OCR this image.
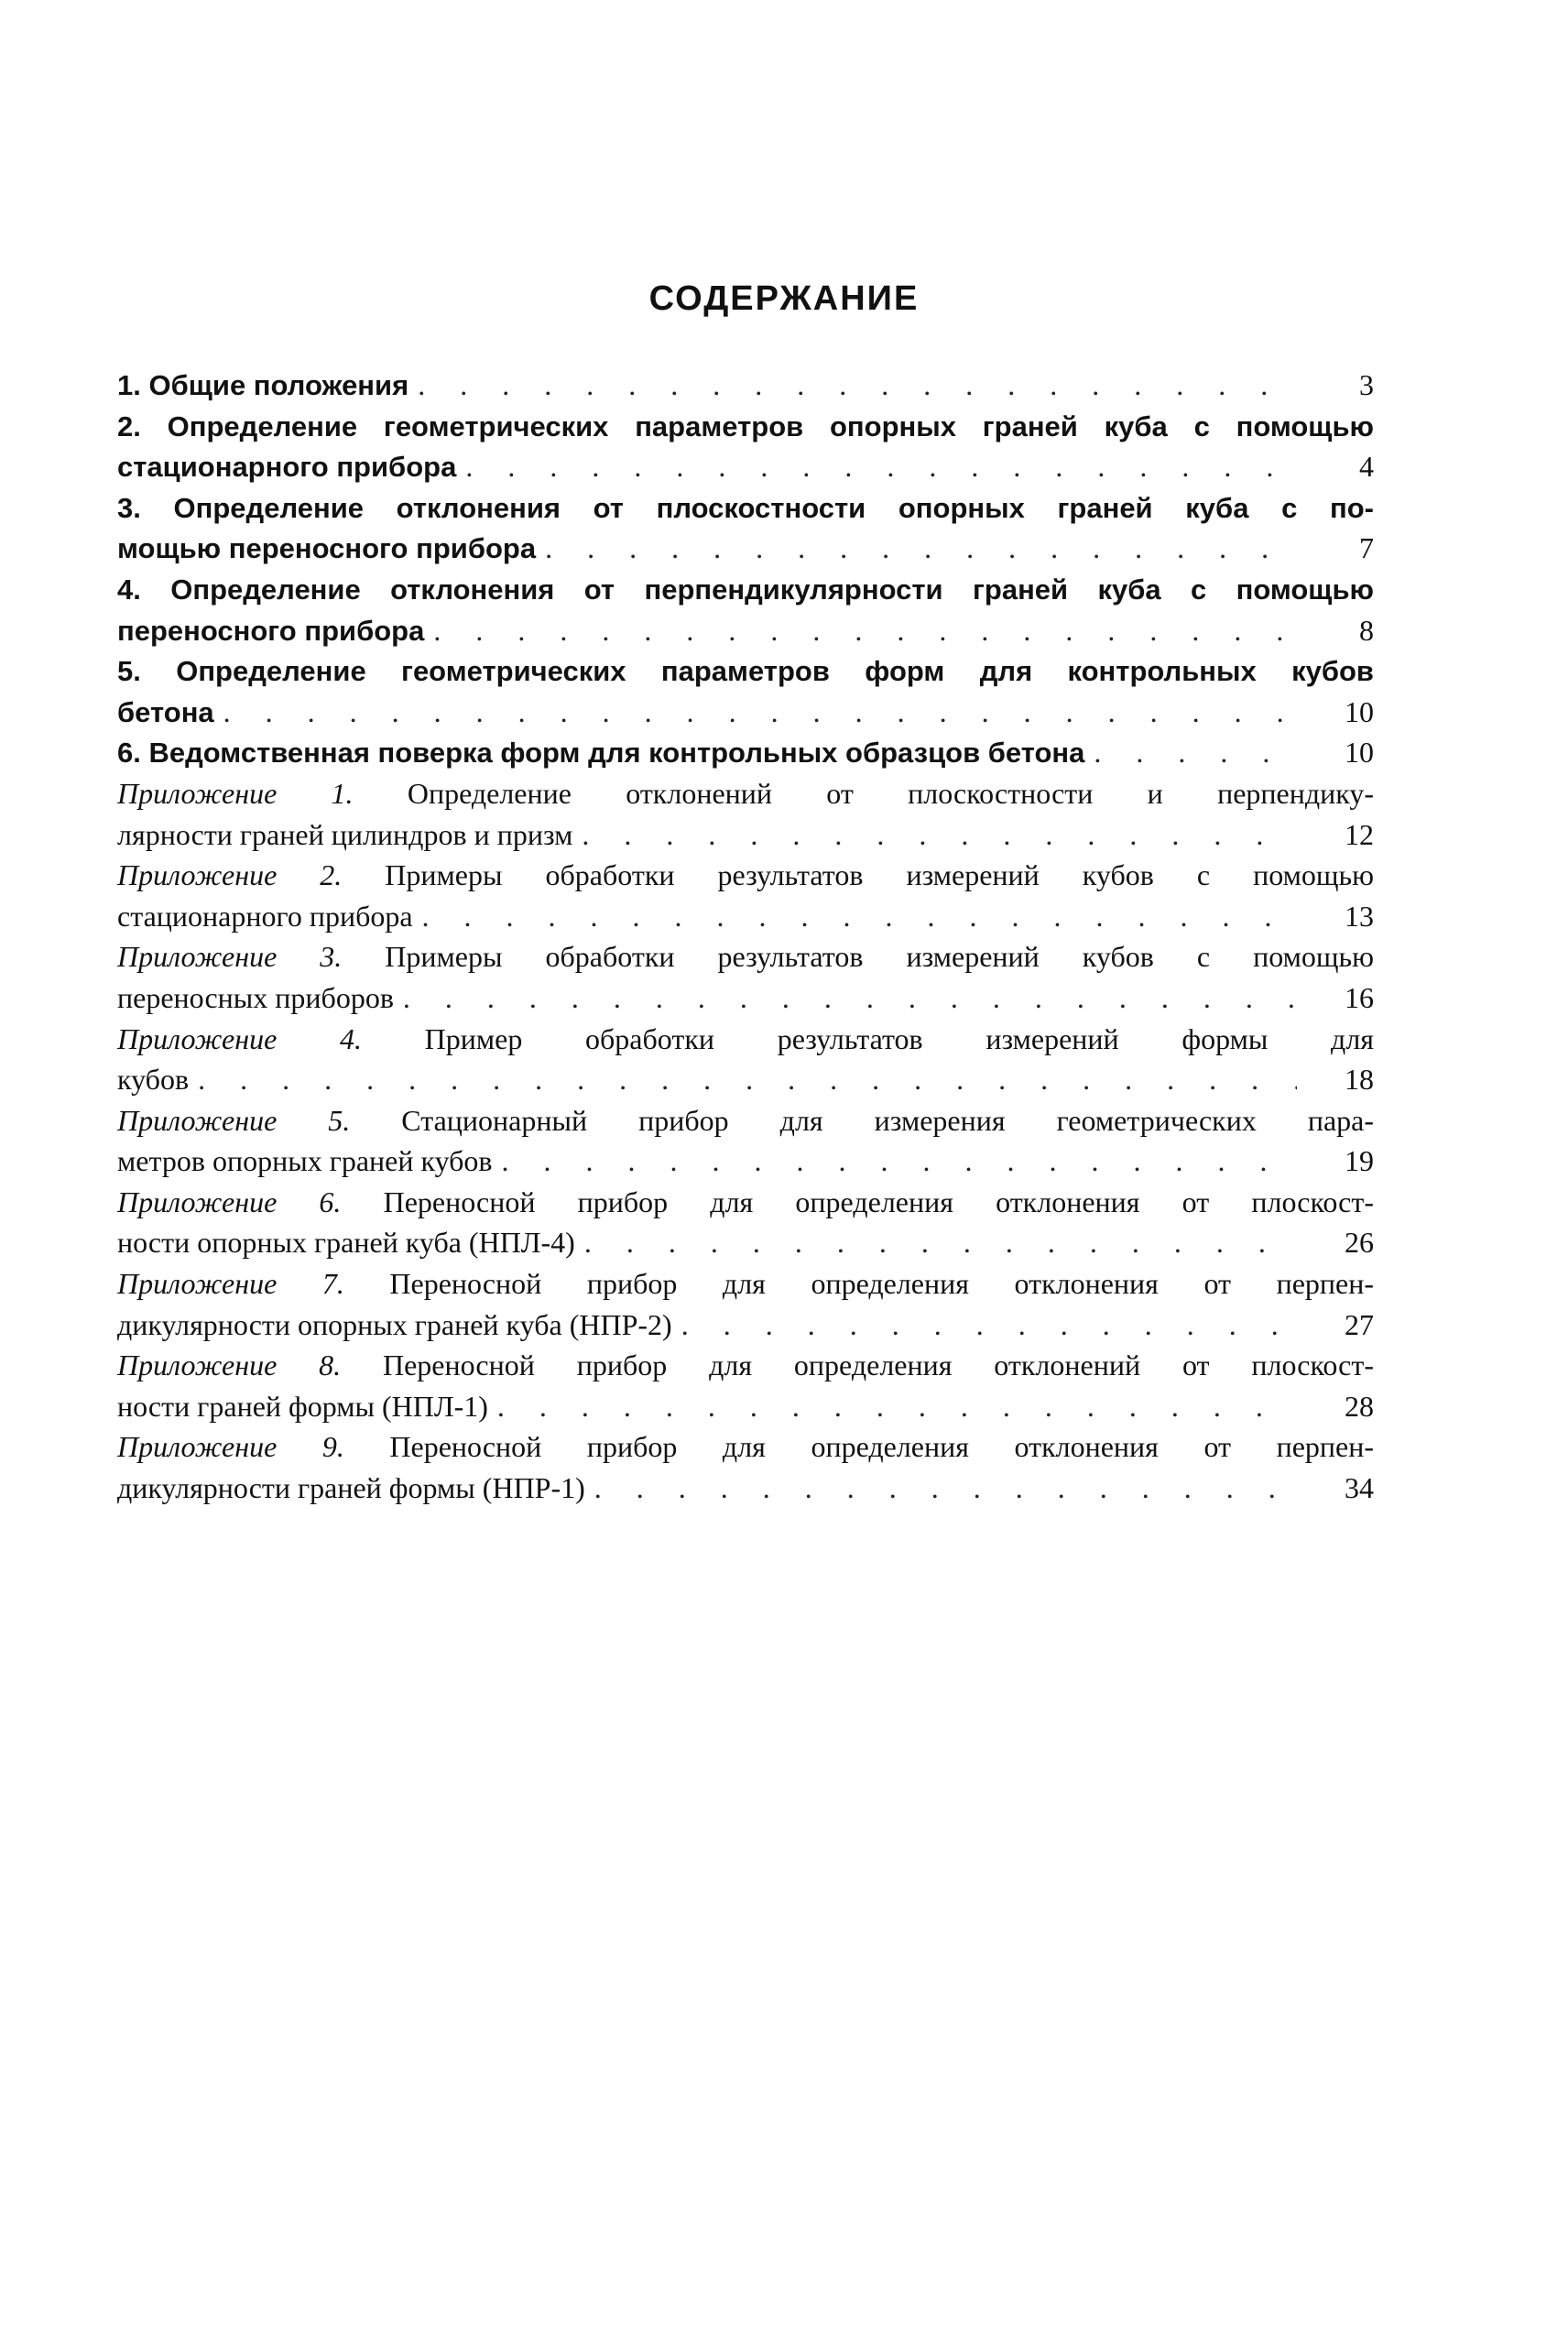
СОДЕРЖАНИЕ
1. Общие положения . . .	3
2. Определение геометрических параметров опорных граней куба с помощью
стационарного прибора . . .	4
3. Определение отклонения от плоскостности опорных граней куба с по-
мощью переносного прибора . . .	7
4. Определение отклонения от перпендикулярности граней куба с помощью
переносного прибора . . .	8
5. Определение геометрических параметров форм для контрольных кубов
бетона . . .	10
6. Ведомственная поверка форм для контрольных образцов бетона . . .	10
Приложение 1. Определение отклонений от плоскостности и перпендику-
лярности граней цилиндров и призм . . .	12
Приложение 2. Примеры обработки результатов измерений кубов с помощью
стационарного прибора . . .	13
Приложение 3. Примеры обработки результатов измерений кубов с помощью
переносных приборов . . .	16
Приложение 4. Пример обработки результатов измерений формы для
кубов . . .	18
Приложение 5. Стационарный прибор для измерения геометрических пара-
метров опорных граней кубов . . .	19
Приложение 6. Переносной прибор для определения отклонения от плоскост-
ности опорных граней куба (НПЛ-4) . . .	26
Приложение 7. Переносной прибор для определения отклонения от перпен-
дикулярности опорных граней куба (НПР-2) . . .	27
Приложение 8. Переносной прибор для определения отклонений от плоскост-
ности граней формы (НПЛ-1) . . .	28
Приложение 9. Переносной прибор для определения отклонения от перпен-
дикулярности граней формы (НПР-1) . . .	34
